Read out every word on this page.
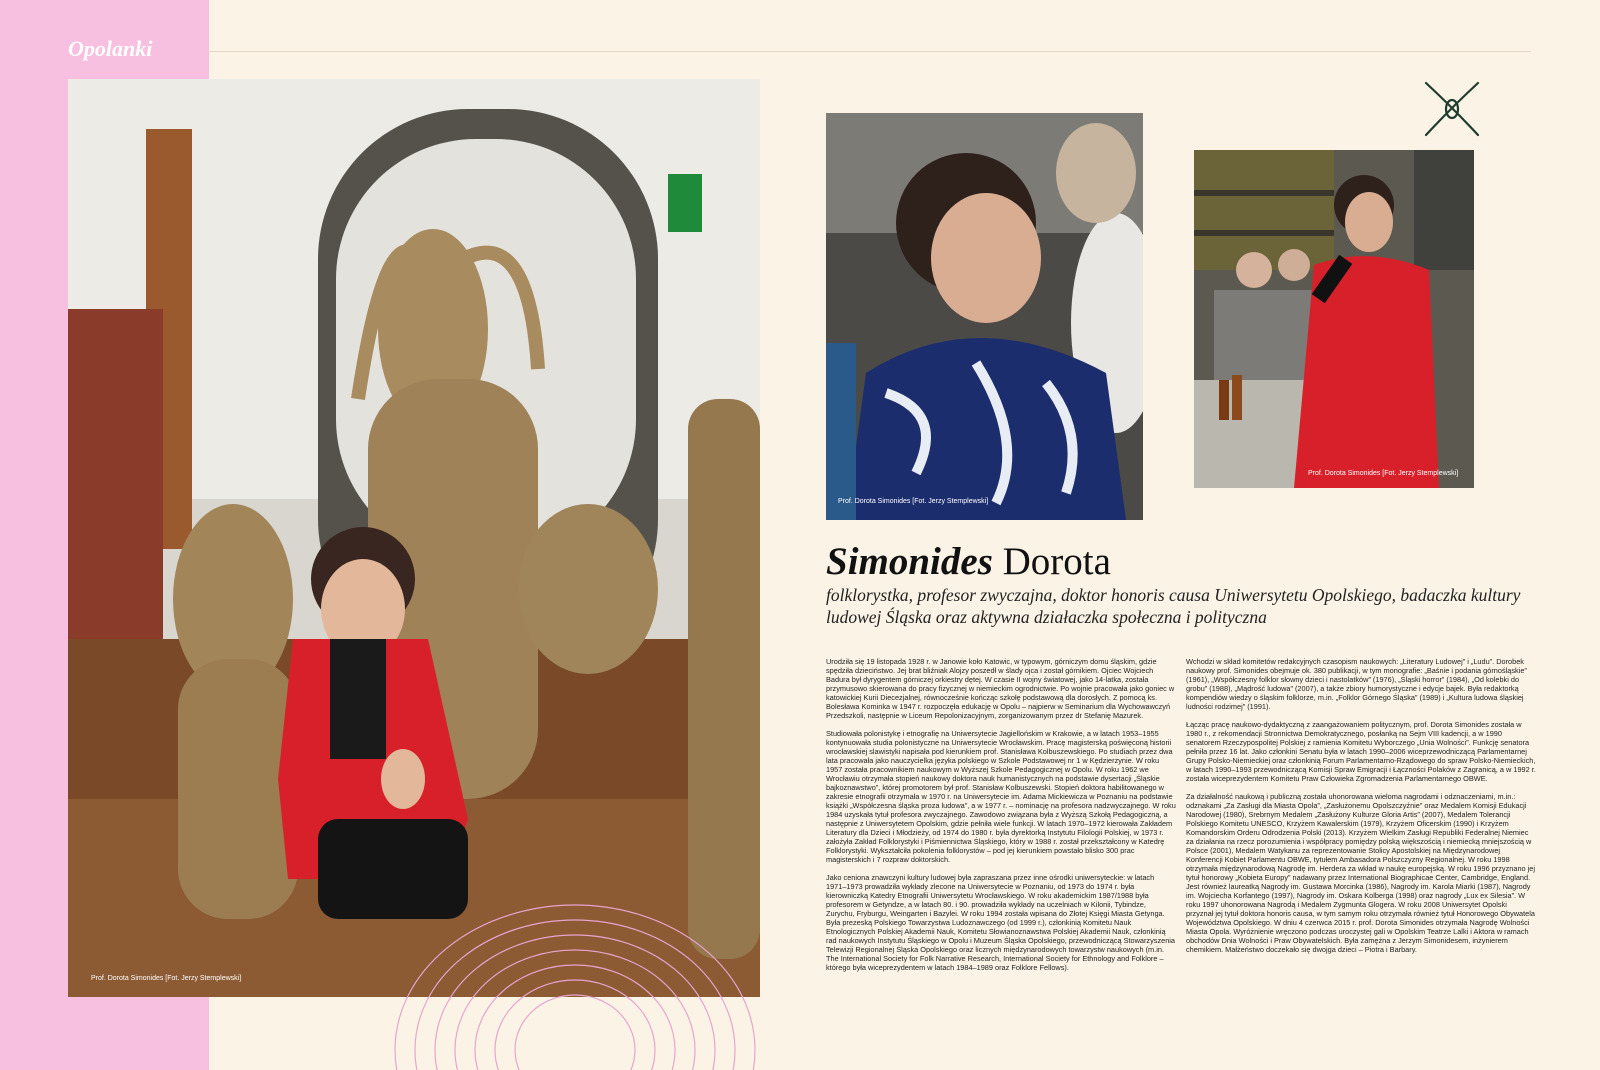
Opolanki
Prof. Dorota Simonides [Fot. Jerzy Stemplewski]
Prof. Dorota Simonides [Fot. Jerzy Stemplewski]
Prof. Dorota Simonides [Fot. Jerzy Stemplewski]
Simonides Dorota

folklorystka, profesor zwyczajna, doktor honoris causa Uniwersytetu Opolskiego, badaczka kultury ludowej Śląska oraz aktywna działaczka społeczna i polityczna

Urodziła się 19 listopada 1928 r. w Janowie koło Katowic, w typowym, górniczym domu śląskim, gdzie spędziła dzieciństwo. Jej brat bliźniak Alojzy poszedł w ślady ojca i został górnikiem. Ojciec Wojciech Badura był dyrygentem górniczej orkiestry dętej. W czasie II wojny światowej, jako 14-latka, została przymusowo skierowana do pracy fizycznej w niemieckim ogrodnictwie. Po wojnie pracowała jako goniec w katowickiej Kurii Diecezjalnej, równocześnie kończąc szkołę podstawową dla dorosłych. Z pomocą ks. Bolesława Kominka w 1947 r. rozpoczęła edukację w Opolu – najpierw w Seminarium dla Wychowawczyń Przedszkoli, następnie w Liceum Repolonizacyjnym, zorganizowanym przez dr Stefanię Mazurek.

Studiowała polonistykę i etnografię na Uniwersytecie Jagiellońskim w Krakowie, a w latach 1953–1955 kontynuowała studia polonistyczne na Uniwersytecie Wrocławskim. Pracę magisterską poświęconą historii wrocławskiej slawistyki napisała pod kierunkiem prof. Stanisława Kolbuszewskiego. Po studiach przez dwa lata pracowała jako nauczycielka języka polskiego w Szkole Podstawowej nr 1 w Kędzierzynie. W roku 1957 została pracownikiem naukowym w Wyższej Szkole Pedagogicznej w Opolu. W roku 1962 we Wrocławiu otrzymała stopień naukowy doktora nauk humanistycznych na podstawie dysertacji „Śląskie bajkoznawstwo”, której promotorem był prof. Stanisław Kolbuszewski. Stopień doktora habilitowanego w zakresie etnografii otrzymała w 1970 r. na Uniwersytecie im. Adama Mickiewicza w Poznaniu na podstawie książki „Współczesna śląska proza ludowa”, a w 1977 r. – nominację na profesora nadzwyczajnego. W roku 1984 uzyskała tytuł profesora zwyczajnego. Zawodowo związana była z Wyższą Szkołą Pedagogiczną, a następnie z Uniwersytetem Opolskim, gdzie pełniła wiele funkcji. W latach 1970–1972 kierowała Zakładem Literatury dla Dzieci i Młodzieży, od 1974 do 1980 r. była dyrektorką Instytutu Filologii Polskiej, w 1973 r. założyła Zakład Folklorystyki i Piśmiennictwa Śląskiego, który w 1988 r. został przekształcony w Katedrę Folklorystyki. Wykształciła pokolenia folklorystów – pod jej kierunkiem powstało blisko 300 prac magisterskich i 7 rozpraw doktorskich.

Jako ceniona znawczyni kultury ludowej była zapraszana przez inne ośrodki uniwersyteckie: w latach 1971–1973 prowadziła wykłady zlecone na Uniwersytecie w Poznaniu, od 1973 do 1974 r. była kierowniczką Katedry Etnografii Uniwersytetu Wrocławskiego. W roku akademickim 1987/1988 była profesorem w Getyndze, a w latach 80. i 90. prowadziła wykłady na uczelniach w Kilonii, Tybindze, Zurychu, Fryburgu, Weingarten i Bazylei. W roku 1994 została wpisana do Złotej Księgi Miasta Getynga. Była prezeską Polskiego Towarzystwa Ludoznawczego (od 1999 r.), członkinią Komitetu Nauk Etnologicznych Polskiej Akademii Nauk, Komitetu Słowianoznawstwa Polskiej Akademii Nauk, członkinią rad naukowych Instytutu Śląskiego w Opolu i Muzeum Śląska Opolskiego, przewodniczącą Stowarzyszenia Telewizji Regionalnej Śląska Opolskiego oraz licznych międzynarodowych towarzystw naukowych (m.in. The International Society for Folk Narrative Research, International Society for Ethnology and Folklore – którego była wiceprezydentem w latach 1984–1989 oraz Folklore Fellows).

Wchodzi w skład komitetów redakcyjnych czasopism naukowych: „Literatury Ludowej” i „Ludu”. Dorobek naukowy prof. Simonides obejmuje ok. 380 publikacji, w tym monografie: „Baśnie i podania górnośląskie” (1961), „Współczesny folklor słowny dzieci i nastolatków” (1976), „Śląski horror” (1984), „Od kolebki do grobu” (1988), „Mądrość ludowa” (2007), a także zbiory humorystyczne i edycje bajek. Była redaktorką kompendiów wiedzy o śląskim folklorze, m.in. „Folklor Górnego Śląska” (1989) i „Kultura ludowa śląskiej ludności rodzimej” (1991).

Łącząc pracę naukowo-dydaktyczną z zaangażowaniem politycznym, prof. Dorota Simonides została w 1980 r., z rekomendacji Stronnictwa Demokratycznego, posłanką na Sejm VIII kadencji, a w 1990 senatorem Rzeczypospolitej Polskiej z ramienia Komitetu Wyborczego „Unia Wolności”. Funkcję senatora pełniła przez 16 lat. Jako członkini Senatu była w latach 1990–2006 wiceprzewodniczącą Parlamentarnej Grupy Polsko-Niemieckiej oraz członkinią Forum Parlamentarno-Rządowego do spraw Polsko-Niemieckich, w latach 1990–1993 przewodniczącą Komisji Spraw Emigracji i Łączności Polaków z Zagranicą, a w 1992 r. została wiceprezydentem Komitetu Praw Człowieka Zgromadzenia Parlamentarnego OBWE.

Za działalność naukową i publiczną została uhonorowana wieloma nagrodami i odznaczeniami, m.in.: odznakami „Za Zasługi dla Miasta Opola”, „Zasłużonemu Opolszczyźnie” oraz Medalem Komisji Edukacji Narodowej (1980), Srebrnym Medalem „Zasłużony Kulturze Gloria Artis” (2007), Medalem Tolerancji Polskiego Komitetu UNESCO, Krzyżem Kawalerskim (1979), Krzyżem Oficerskim (1990) i Krzyżem Komandorskim Orderu Odrodzenia Polski (2013). Krzyżem Wielkim Zasługi Republiki Federalnej Niemiec za działania na rzecz porozumienia i współpracy pomiędzy polską większością i niemiecką mniejszością w Polsce (2001), Medalem Watykanu za reprezentowanie Stolicy Apostolskiej na Międzynarodowej Konferencji Kobiet Parlamentu OBWE, tytułem Ambasadora Polszczyzny Regionalnej. W roku 1998 otrzymała międzynarodową Nagrodę im. Herdera za wkład w naukę europejską. W roku 1996 przyznano jej tytuł honorowy „Kobieta Europy” nadawany przez International Biographicae Center, Cambridge, England. Jest również laureatką Nagrody im. Gustawa Morcinka (1986), Nagrody im. Karola Miarki (1987), Nagrody im. Wojciecha Korfantego (1997), Nagrody im. Oskara Kolberga (1998) oraz nagrody „Lux ex Silesia”. W roku 1997 uhonorowana Nagrodą i Medalem Zygmunta Glogera. W roku 2008 Uniwersytet Opolski przyznał jej tytuł doktora honoris causa, w tym samym roku otrzymała również tytuł Honorowego Obywatela Województwa Opolskiego. W dniu 4 czerwca 2015 r. prof. Dorota Simonides otrzymała Nagrodę Wolności Miasta Opola. Wyróżnienie wręczono podczas uroczystej gali w Opolskim Teatrze Lalki i Aktora w ramach obchodów Dnia Wolności i Praw Obywatelskich. Była zamężna z Jerzym Simonidesem, inżynierem chemikiem. Małżeństwo doczekało się dwojga dzieci – Piotra i Barbary.
